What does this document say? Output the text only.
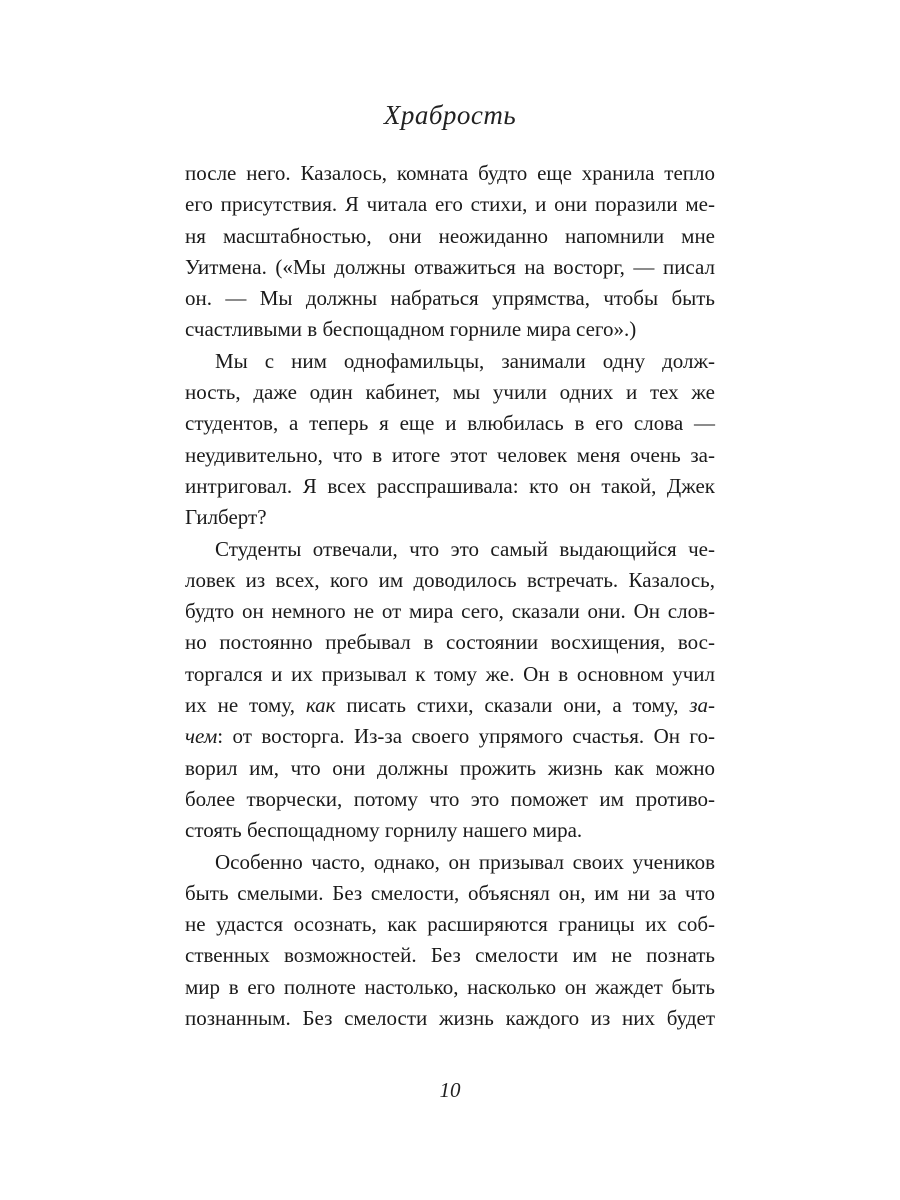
Храбрость
после него. Казалось, комната будто еще хранила тепло
его присутствия. Я читала его стихи, и они поразили ме-
ня масштабностью, они неожиданно напомнили мне
Уитмена. («Мы должны отважиться на восторг, — писал
он. — Мы должны набраться упрямства, чтобы быть
счастливыми в беспощадном горниле мира сего».)
Мы с ним однофамильцы, занимали одну долж-
ность, даже один кабинет, мы учили одних и тех же
студентов, а теперь я еще и влюбилась в его слова —
неудивительно, что в итоге этот человек меня очень за-
интриговал. Я всех расспрашивала: кто он такой, Джек
Гилберт?
Студенты отвечали, что это самый выдающийся че-
ловек из всех, кого им доводилось встречать. Казалось,
будто он немного не от мира сего, сказали они. Он слов-
но постоянно пребывал в состоянии восхищения, вос-
торгался и их призывал к тому же. Он в основном учил
их не тому, как писать стихи, сказали они, а тому, за-
чем: от восторга. Из-за своего упрямого счастья. Он го-
ворил им, что они должны прожить жизнь как можно
более творчески, потому что это поможет им противо-
стоять беспощадному горнилу нашего мира.
Особенно часто, однако, он призывал своих учеников
быть смелыми. Без смелости, объяснял он, им ни за что
не удастся осознать, как расширяются границы их соб-
ственных возможностей. Без смелости им не познать
мир в его полноте настолько, насколько он жаждет быть
познанным. Без смелости жизнь каждого из них будет
10
